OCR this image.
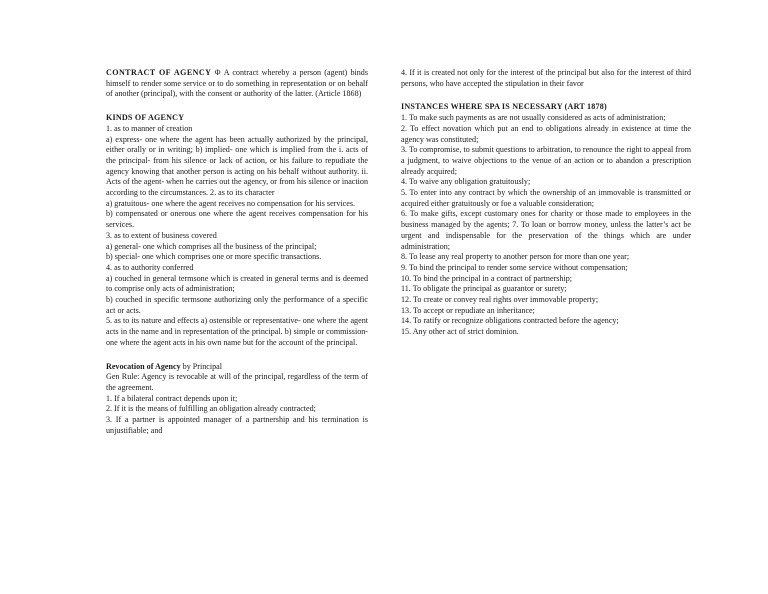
CONTRACT OF AGENCY Φ A contract whereby a person (agent) binds himself to render some service or to do something in representation or on behalf of another (principal), with the consent or authority of the latter. (Article 1868)

KINDS OF AGENCY

1. as to manner of creation

a) express- one where the agent has been actually authorized by the principal, either orally or in writing; b) implied- one which is implied from the i. acts of the principal- from his silence or lack of action, or his failure to repudiate the agency knowing that another person is acting on his behalf without authority. ii. Acts of the agent- when he carries out the agency, or from his silence or inaction according to the circumstances. 2. as to its character

a) gratuitous- one where the agent receives no compensation for his services.

b) compensated or onerous one where the agent receives compensation for his services.

3. as to extent of business covered

a) general- one which comprises all the business of the principal;

b) special- one which comprises one or more specific transactions.

4. as to authority conferred

a) couched in general termsone which is created in general terms and is deemed to comprise only acts of administration;

b) couched in specific termsone authorizing only the performance of a specific act or acts.

5. as to its nature and effects a) ostensible or representative- one where the agent acts in the name and in representation of the principal. b) simple or commission- one where the agent acts in his own name but for the account of the principal.

Revocation of Agency by Principal

Gen Rule: Agency is revocable at will of the principal, regardless of the term of the agreement.

1. If a bilateral contract depends upon it;

2. If it is the means of fulfilling an obligation already contracted;

3. If a partner is appointed manager of a partnership and his termination is unjustifiable; and

4. If it is created not only for the interest of the principal but also for the interest of third persons, who have accepted the stipulation in their favor

INSTANCES WHERE SPA IS NECESSARY (ART 1878)

1. To make such payments as are not usually considered as acts of administration;

2. To effect novation which put an end to obligations already in existence at time the agency was constituted;

3. To compromise, to submit questions to arbitration, to renounce the right to appeal from a judgment, to waive objections to the venue of an action or to abandon a prescription already acquired;

4. To waive any obligation gratuitously;

5. To enter into any contract by which the ownership of an immovable is transmitted or acquired either gratuitously or foe a valuable consideration;

6. To make gifts, except customary ones for charity or those made to employees in the business managed by the agents; 7. To loan or borrow money, unless the latter’s act be urgent and indispensable for the preservation of the things which are under administration;

8. To lease any real property to another person for more than one year;

9. To bind the principal to render some service without compensation;

10. To bind the principal in a contract of partnership;

11. To obligate the principal as guarantor or surety;

12. To create or convey real rights over immovable property;

13. To accept or repudiate an inheritance;

14. To ratify or recognize obligations contracted before the agency;

15. Any other act of strict dominion.
